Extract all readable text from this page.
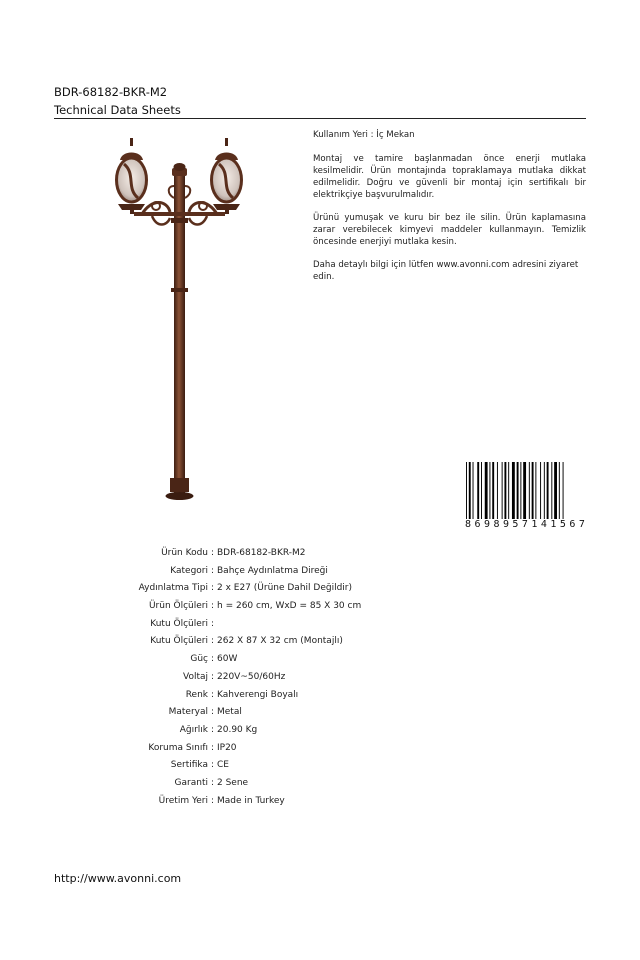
BDR-68182-BKR-M2
Technical Data Sheets

Kullanım Yeri : İç Mekan

Montaj ve tamire başlanmadan önce enerji mutlaka kesilmelidir. Ürün montajında topraklamaya mutlaka dikkat edilmelidir. Doğru ve güvenli bir montaj için sertifikalı bir elektrikçiye başvurulmalıdır.

Ürünü yumuşak ve kuru bir bez ile silin. Ürün kaplamasına zarar verebilecek kimyevi maddeler kullanmayın. Temizlik öncesinde enerjiyi mutlaka kesin.

Daha detaylı bilgi için lütfen www.avonni.com adresini ziyaret edin.

8 6 9 8 9 5 7 1 4 1 5 6 7
Ürün Kodu : BDR-68182-BKR-M2
Kategori : Bahçe Aydınlatma Direği
Aydınlatma Tipi : 2 x E27 (Ürüne Dahil Değildir)
Ürün Ölçüleri : h = 260 cm, WxD = 85 X 30 cm
Kutu Ölçüleri :
Kutu Ölçüleri : 262 X 87 X 32 cm (Montajlı)
Güç : 60W
Voltaj : 220V~50/60Hz
Renk : Kahverengi Boyalı
Materyal : Metal
Ağırlık : 20.90 Kg
Koruma Sınıfı : IP20
Sertifika : CE
Garanti : 2 Sene
Üretim Yeri : Made in Turkey
http://www.avonni.com
